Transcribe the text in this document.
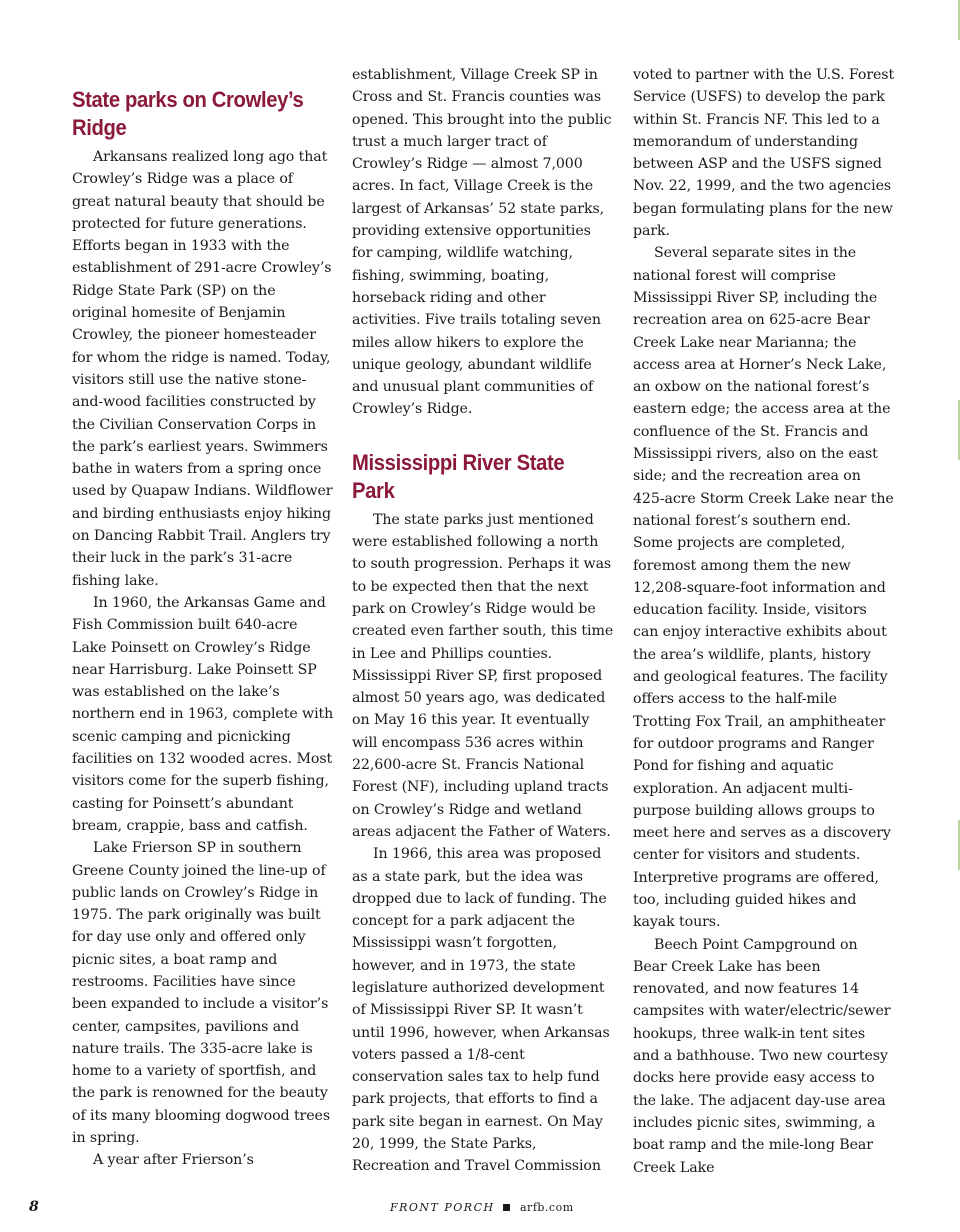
State parks on Crowley’s Ridge

Arkansans realized long ago that Crowley’s Ridge was a place of great natural beauty that should be protected for future generations. Efforts began in 1933 with the establishment of 291-acre Crowley’s Ridge State Park (SP) on the original homesite of Benjamin Crowley, the pioneer homesteader for whom the ridge is named. Today, visitors still use the native stone-and-wood facilities constructed by the Civilian Conservation Corps in the park’s earliest years. Swimmers bathe in waters from a spring once used by Quapaw Indians. Wildflower and birding enthusiasts enjoy hiking on Dancing Rabbit Trail. Anglers try their luck in the park’s 31-acre fishing lake.

In 1960, the Arkansas Game and Fish Commission built 640-acre Lake Poinsett on Crowley’s Ridge near Harrisburg. Lake Poinsett SP was established on the lake’s northern end in 1963, complete with scenic camping and picnicking facilities on 132 wooded acres. Most visitors come for the superb fishing, casting for Poinsett’s abundant bream, crappie, bass and catfish.

Lake Frierson SP in southern Greene County joined the line-up of public lands on Crowley’s Ridge in 1975. The park originally was built for day use only and offered only picnic sites, a boat ramp and restrooms. Facilities have since been expanded to include a visitor’s center, campsites, pavilions and nature trails. The 335-acre lake is home to a variety of sportfish, and the park is renowned for the beauty of its many blooming dogwood trees in spring.

A year after Frierson’s

establishment, Village Creek SP in Cross and St. Francis counties was opened. This brought into the public trust a much larger tract of Crowley’s Ridge — almost 7,000 acres. In fact, Village Creek is the largest of Arkansas’ 52 state parks, providing extensive opportunities for camping, wildlife watching, fishing, swimming, boating, horseback riding and other activities. Five trails totaling seven miles allow hikers to explore the unique geology, abundant wildlife and unusual plant communities of Crowley’s Ridge.

Mississippi River State Park

The state parks just mentioned were established following a north to south progression. Perhaps it was to be expected then that the next park on Crowley’s Ridge would be created even farther south, this time in Lee and Phillips counties. Mississippi River SP, first proposed almost 50 years ago, was dedicated on May 16 this year. It eventually will encompass 536 acres within 22,600-acre St. Francis National Forest (NF), including upland tracts on Crowley’s Ridge and wetland areas adjacent the Father of Waters.

In 1966, this area was proposed as a state park, but the idea was dropped due to lack of funding. The concept for a park adjacent the Mississippi wasn’t forgotten, however, and in 1973, the state legislature authorized development of Mississippi River SP. It wasn’t until 1996, however, when Arkansas voters passed a 1/8-cent conservation sales tax to help fund park projects, that efforts to find a park site began in earnest. On May 20, 1999, the State Parks, Recreation and Travel Commission

voted to partner with the U.S. Forest Service (USFS) to develop the park within St. Francis NF. This led to a memorandum of understanding between ASP and the USFS signed Nov. 22, 1999, and the two agencies began formulating plans for the new park.

Several separate sites in the national forest will comprise Mississippi River SP, including the recreation area on 625-acre Bear Creek Lake near Marianna; the access area at Horner’s Neck Lake, an oxbow on the national forest’s eastern edge; the access area at the confluence of the St. Francis and Mississippi rivers, also on the east side; and the recreation area on 425-acre Storm Creek Lake near the national forest’s southern end. Some projects are completed, foremost among them the new 12,208-square-foot information and education facility. Inside, visitors can enjoy interactive exhibits about the area’s wildlife, plants, history and geological features. The facility offers access to the half-mile Trotting Fox Trail, an amphitheater for outdoor programs and Ranger Pond for fishing and aquatic exploration. An adjacent multi-purpose building allows groups to meet here and serves as a discovery center for visitors and students. Interpretive programs are offered, too, including guided hikes and kayak tours.

Beech Point Campground on Bear Creek Lake has been renovated, and now features 14 campsites with water/electric/sewer hookups, three walk-in tent sites and a bathhouse. Two new courtesy docks here provide easy access to the lake. The adjacent day-use area includes picnic sites, swimming, a boat ramp and the mile-long Bear Creek Lake

8	FRONT PORCH arfb.com
